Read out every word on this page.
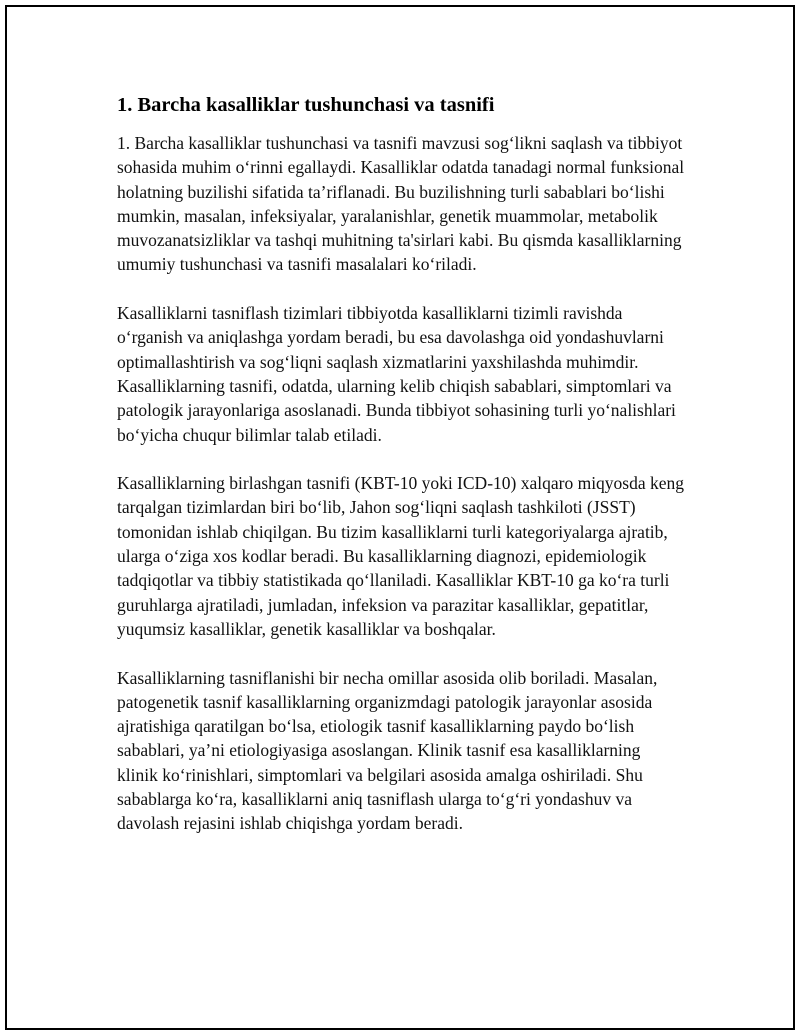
1. Barcha kasalliklar tushunchasi va tasnifi

1. Barcha kasalliklar tushunchasi va tasnifi mavzusi sog‘likni saqlash va tibbiyot sohasida muhim o‘rinni egallaydi. Kasalliklar odatda tanadagi normal funksional holatning buzilishi sifatida ta’riflanadi. Bu buzilishning turli sabablari bo‘lishi mumkin, masalan, infeksiyalar, yaralanishlar, genetik muammolar, metabolik muvozanatsizliklar va tashqi muhitning ta'sirlari kabi. Bu qismda kasalliklarning umumiy tushunchasi va tasnifi masalalari ko‘riladi.

Kasalliklarni tasniflash tizimlari tibbiyotda kasalliklarni tizimli ravishda o‘rganish va aniqlashga yordam beradi, bu esa davolashga oid yondashuvlarni optimallashtirish va sog‘liqni saqlash xizmatlarini yaxshilashda muhimdir. Kasalliklarning tasnifi, odatda, ularning kelib chiqish sabablari, simptomlari va patologik jarayonlariga asoslanadi. Bunda tibbiyot sohasining turli yo‘nalishlari bo‘yicha chuqur bilimlar talab etiladi.

Kasalliklarning birlashgan tasnifi (KBT-10 yoki ICD-10) xalqaro miqyosda keng tarqalgan tizimlardan biri bo‘lib, Jahon sog‘liqni saqlash tashkiloti (JSST) tomonidan ishlab chiqilgan. Bu tizim kasalliklarni turli kategoriyalarga ajratib, ularga o‘ziga xos kodlar beradi. Bu kasalliklarning diagnozi, epidemiologik tadqiqotlar va tibbiy statistikada qo‘llaniladi. Kasalliklar KBT-10 ga ko‘ra turli guruhlarga ajratiladi, jumladan, infeksion va parazitar kasalliklar, gepatitlar, yuqumsiz kasalliklar, genetik kasalliklar va boshqalar.

Kasalliklarning tasniflanishi bir necha omillar asosida olib boriladi. Masalan, patogenetik tasnif kasalliklarning organizmdagi patologik jarayonlar asosida ajratishiga qaratilgan bo‘lsa, etiologik tasnif kasalliklarning paydo bo‘lish sabablari, ya’ni etiologiyasiga asoslangan. Klinik tasnif esa kasalliklarning klinik ko‘rinishlari, simptomlari va belgilari asosida amalga oshiriladi. Shu sabablarga ko‘ra, kasalliklarni aniq tasniflash ularga to‘g‘ri yondashuv va davolash rejasini ishlab chiqishga yordam beradi.
